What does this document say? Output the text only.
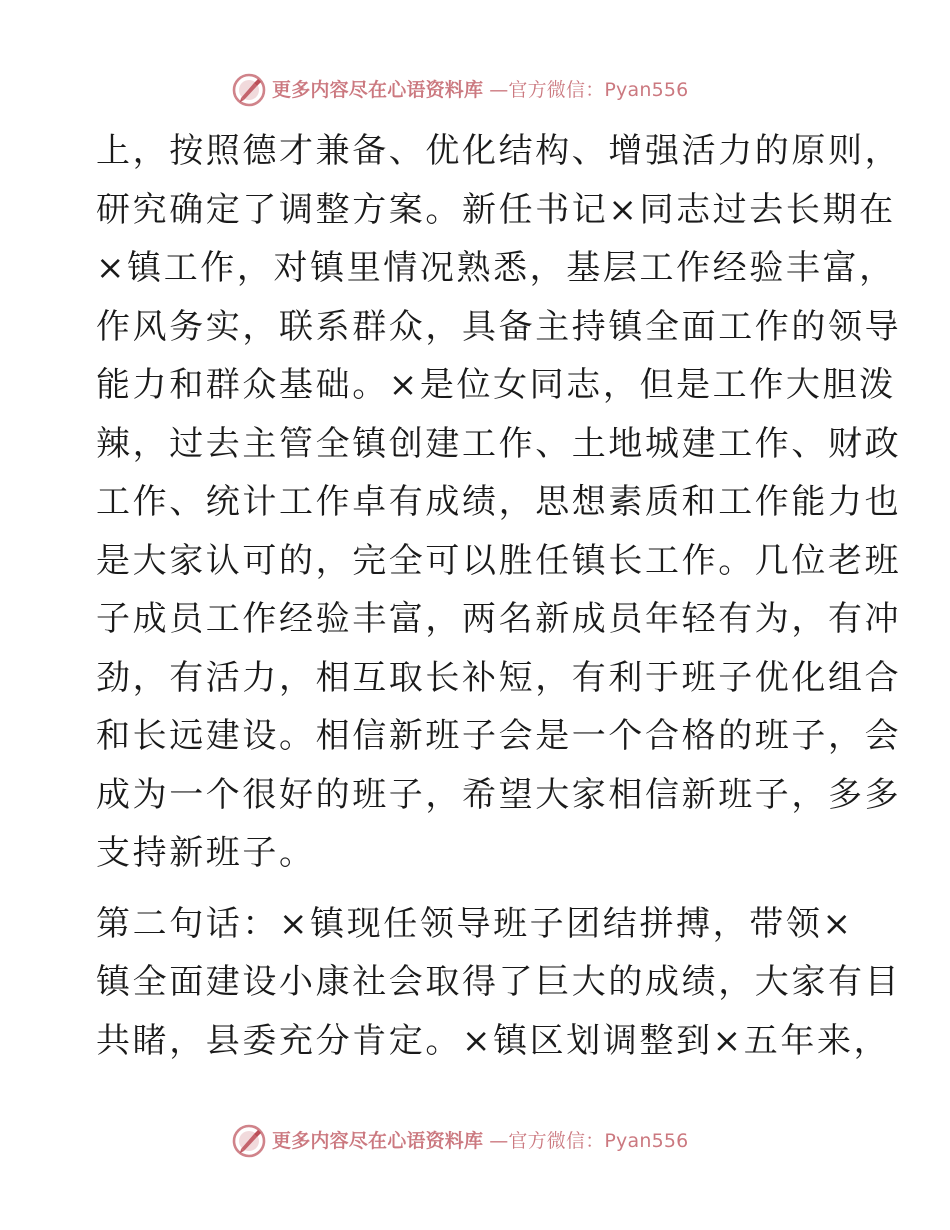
更多内容尽在心语资料库 —官方微信：Pyan556
上，按照德才兼备、优化结构、增强活力的原则，
研究确定了调整方案。新任书记×同志过去长期在
×镇工作，对镇里情况熟悉，基层工作经验丰富，
作风务实，联系群众，具备主持镇全面工作的领导
能力和群众基础。×是位女同志，但是工作大胆泼
辣，过去主管全镇创建工作、土地城建工作、财政
工作、统计工作卓有成绩，思想素质和工作能力也
是大家认可的，完全可以胜任镇长工作。几位老班
子成员工作经验丰富，两名新成员年轻有为，有冲
劲，有活力，相互取长补短，有利于班子优化组合
和长远建设。相信新班子会是一个合格的班子，会
成为一个很好的班子，希望大家相信新班子，多多
支持新班子。
第二句话：×镇现任领导班子团结拼搏，带领×
镇全面建设小康社会取得了巨大的成绩，大家有目
共睹，县委充分肯定。×镇区划调整到×五年来，
更多内容尽在心语资料库 —官方微信：Pyan556
